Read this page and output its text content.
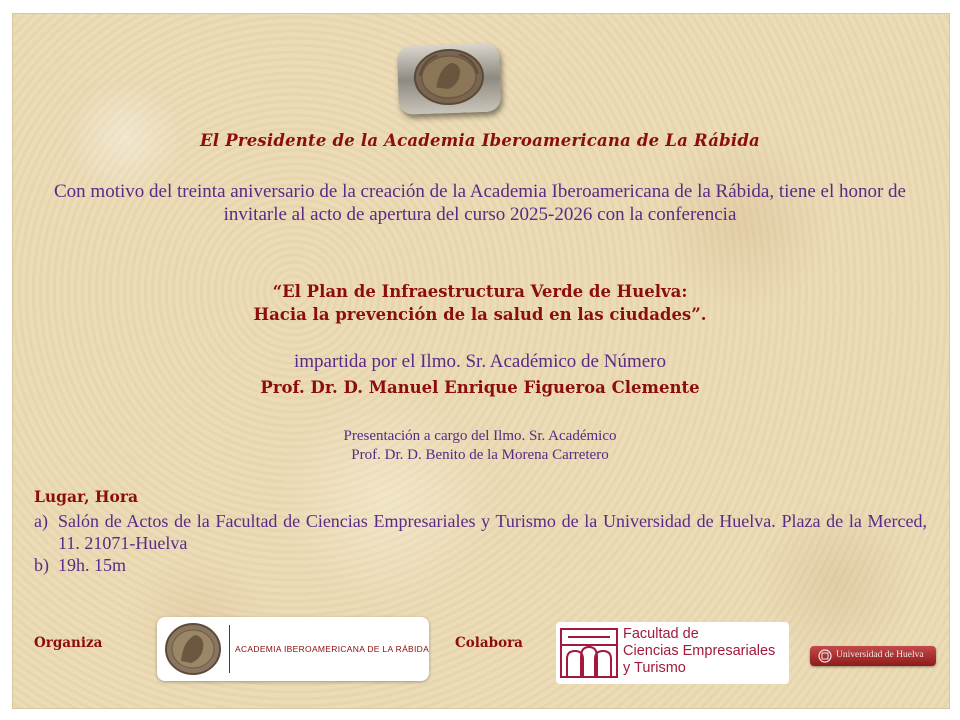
El Presidente de la Academia Iberoamericana de La Rábida
Con motivo del treinta aniversario de la creación de la Academia Iberoamericana de la Rábida, tiene el honor de invitarle al acto de apertura del curso 2025-2026 con la conferencia
“El Plan de Infraestructura Verde de Huelva:
Hacia la prevención de la salud en las ciudades”.
impartida por el Ilmo. Sr. Académico de Número
Prof. Dr. D. Manuel Enrique Figueroa Clemente
Presentación a cargo del Ilmo. Sr. Académico
Prof. Dr. D. Benito de la Morena Carretero
Lugar, Hora
a) Salón de Actos de la Facultad de Ciencias Empresariales y Turismo de la Universidad de Huelva. Plaza de la Merced, 11. 21071-Huelva
b) 19h. 15m
Organiza	ACADEMIA IBEROAMERICANA DE LA RÁBIDA Colabora
Facultad de
Ciencias Empresariales
y Turismo
Universidad de Huelva
